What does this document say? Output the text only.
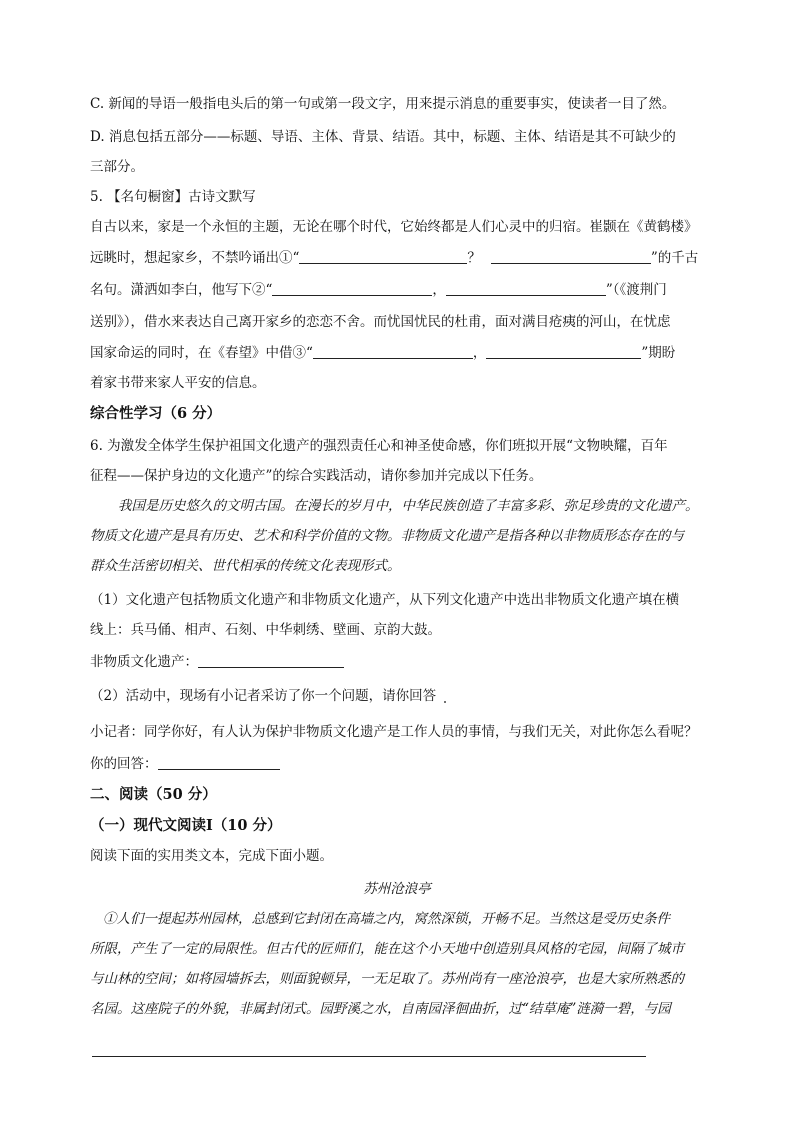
C. 新闻的导语一般指电头后的第一句或第一段文字，用来提示消息的重要事实，使读者一目了然。
D. 消息包括五部分——标题、导语、主体、背景、结语。其中，标题、主体、结语是其不可缺少的
三部分。
5. 【名句橱窗】古诗文默写
自古以来，家是一个永恒的主题，无论在哪个时代，它始终都是人们心灵中的归宿。崔颢在《黄鹤楼》
远眺时，想起家乡，不禁吟诵出①“	？	”的千古
名句。潇洒如李白，他写下②“	，	”（《渡荆门
送别》），借水来表达自己离开家乡的恋恋不舍。而忧国忧民的杜甫，面对满目疮痍的河山，在忧虑
国家命运的同时，在《春望》中借③“	，	”期盼
着家书带来家人平安的信息。
综合性学习（6 分）
6. 为激发全体学生保护祖国文化遗产的强烈责任心和神圣使命感，你们班拟开展“文物映耀，百年
征程——保护身边的文化遗产”的综合实践活动，请你参加并完成以下任务。
我国是历史悠久的文明古国。在漫长的岁月中，中华民族创造了丰富多彩、弥足珍贵的文化遗产。
物质文化遗产是具有历史、艺术和科学价值的文物。非物质文化遗产是指各种以非物质形态存在的与
群众生活密切相关、世代相承的传统文化表现形式。
（1）文化遗产包括物质文化遗产和非物质文化遗产，从下列文化遗产中选出非物质文化遗产填在横
线上：兵马俑、相声、石刻、中华刺绣、壁画、京韵大鼓。
非物质文化遗产：
（2）活动中，现场有小记者采访了你一个问题，请你回答
小记者：同学你好，有人认为保护非物质文化遗产是工作人员的事情，与我们无关，对此你怎么看呢？
你的回答：
二、阅读（50 分）
（一）现代文阅读Ⅰ（10 分）
阅读下面的实用类文本，完成下面小题。
苏州沧浪亭
①人们一提起苏州园林，总感到它封闭在高墙之内，窝然深锁，开畅不足。当然这是受历史条件
所限，产生了一定的局限性。但古代的匠师们，能在这个小天地中创造别具风格的宅园，间隔了城市
与山林的空间；如将园墙拆去，则面貌顿异，一无足取了。苏州尚有一座沧浪亭，也是大家所熟悉的
名园。这座院子的外貌，非属封闭式。园野溪之水，自南园泽徊曲折，过“结草庵”涟漪一碧，与园
